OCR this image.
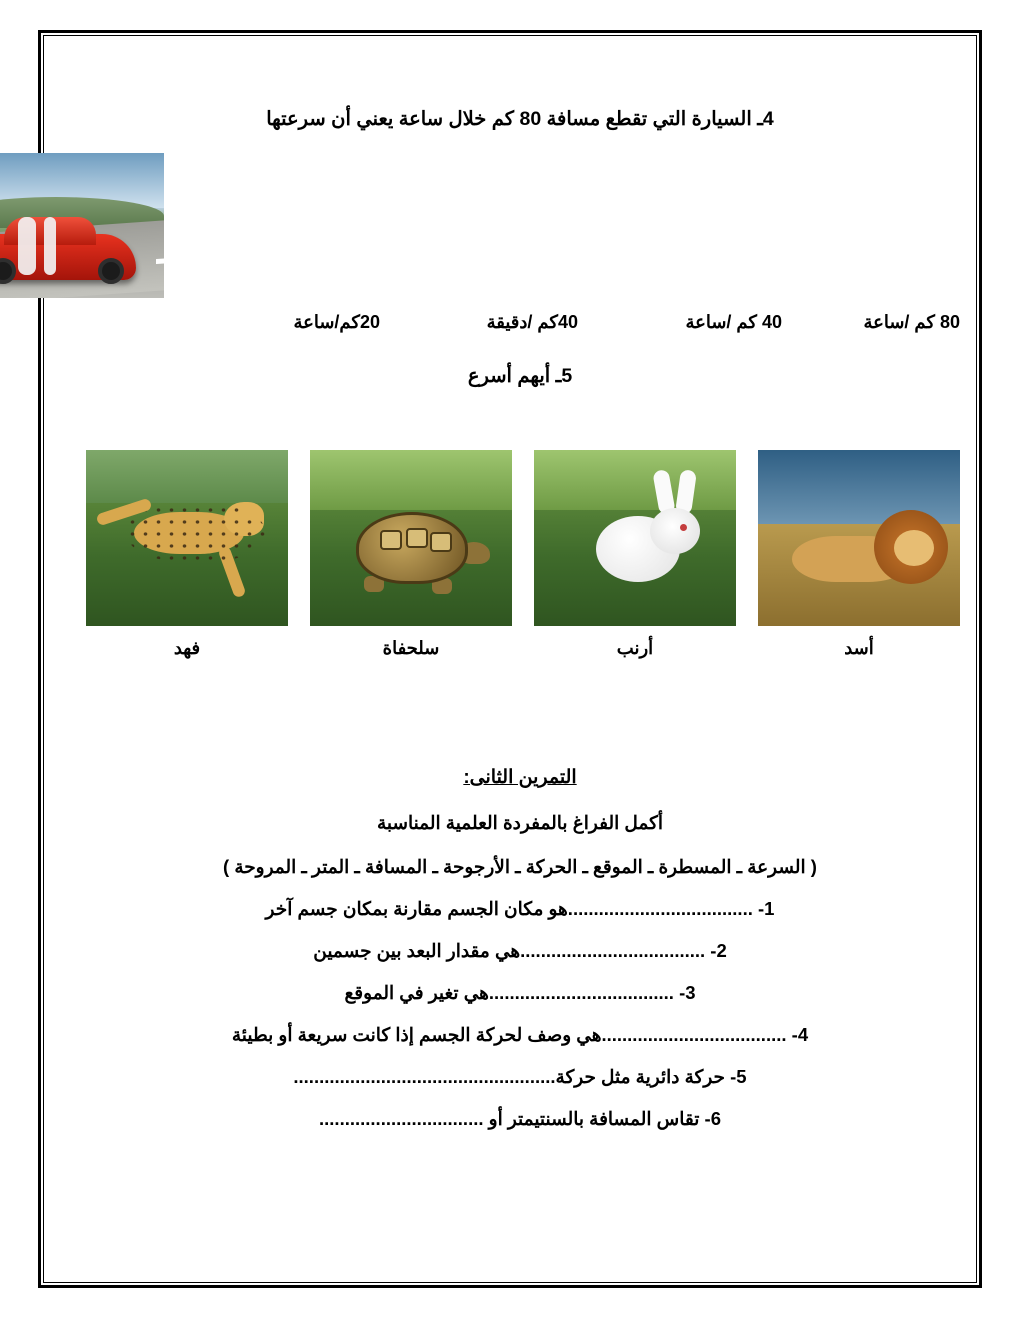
4ـ السيارة التي تقطع مسافة 80 كم خلال ساعة يعني أن سرعتها
80 كم /ساعة
40 كم /ساعة
40كم /دقيقة
20كم/ساعة
5ـ أيهم أسرع
أسد
أرنب
سلحفاة
فهد
التمرين الثانى:
أكمل الفراغ بالمفردة العلمية المناسبة
( السرعة ـ المسطرة ـ الموقع ـ الحركة ـ الأرجوحة ـ المسافة ـ المتر ـ المروحة )
1- ....................................هو مكان الجسم مقارنة بمكان جسم آخر
2- ....................................هي مقدار البعد بين جسمين
3- ....................................هي تغير في الموقع
4- ....................................هي وصف لحركة الجسم إذا كانت سريعة أو بطيئة
5- حركة دائرية مثل حركة...................................................
6- تقاس المسافة بالسنتيمتر أو ................................
